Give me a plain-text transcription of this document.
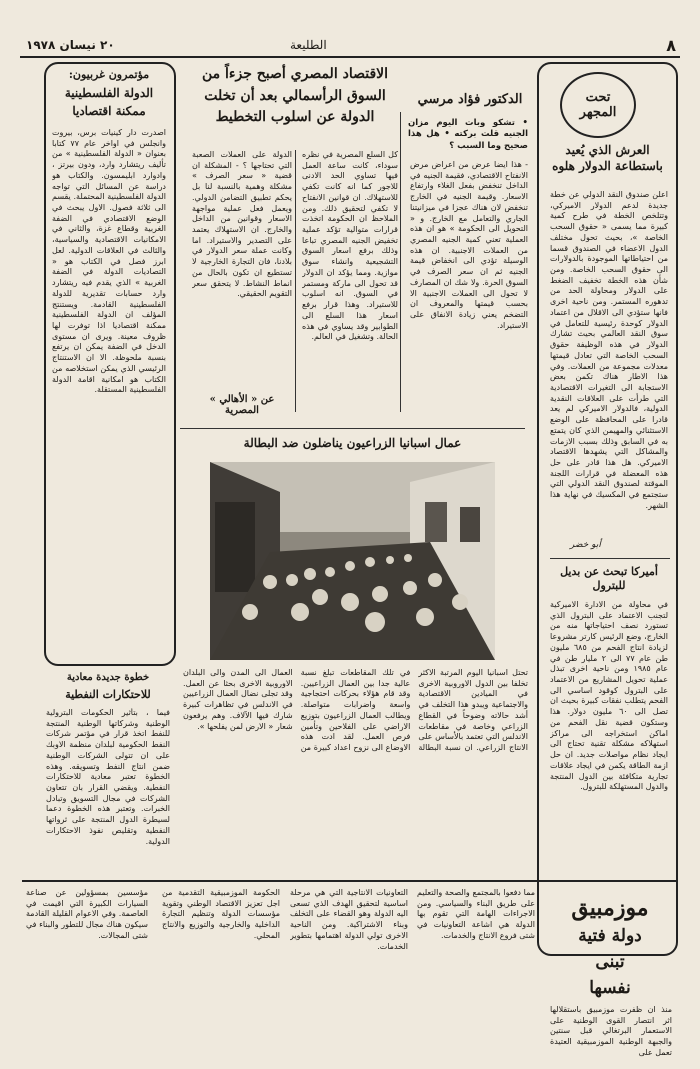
٨
الطليعة
٢٠ نيسان ١٩٧٨
تحت
المجهر
العرش الذي يُعيد باستطاعة الدولار هلوه
اعلن صندوق النقد الدولي عن خطة جديدة لدعم الدولار الاميركي، وتتلخص الخطة في طرح كمية كبيرة مما يسمى « حقوق السحب الخاصة »، بحيث تحول مختلف الدول الاعضاء في الصندوق قسما من احتياطاتها الموجودة بالدولارات الى حقوق السحب الخاصة. ومن شأن هذه الخطة تخفيف الضغط على الدولار ومحاولة الحد من تدهوره المستمر. ومن ناحية اخرى فانها ستؤدي الى الاقلال من اعتماد الدولار كوحدة رئيسية للتعامل في سوق النقد العالمي بحيث تشارك الدولار في هذه الوظيفة حقوق السحب الخاصة التي تعادل قيمتها معدلات مجموعة من العملات. وفي هذا الاطار هناك تكمن بعض الاستجابة الى التغيرات الاقتصادية التي طرأت على العلاقات النقدية الدولية، فالدولار الاميركي لم يعد قادرا على المحافظة على الوضع الاستثنائي والمهيمن الذي كان يتمتع به في السابق وذلك بسبب الازمات والمشاكل التي يشهدها الاقتصاد الاميركي. هل هذا قادر على حل هذه المعضلة في قرارات اللجنة الموقتة لصندوق النقد الدولي التي ستجتمع في المكسيك في نهاية هذا الشهر.
أبو خضر
أميركا تبحث عن بديل للبترول
في محاولة من الادارة الاميركية لتجنب الاعتماد على البترول الذي تستورد نصف احتياجاتها منه من الخارج، وضع الرئيس كارتر مشروعا لزيادة انتاج الفحم من ٦٨٥ مليون طن عام ٧٧ الى ٢ مليار طن في عام ١٩٨٥ ومن ناحية اخرى تبذل عملية تحويل المشاريع من الاعتماد على البترول كوقود اساسي الى الفحم يتطلب نفقات كبيرة بحيث ان تصل الى ٦٠ مليون دولار. هذا وستكون قضية نقل الفحم من اماكن استخراجه الى مراكز استهلاكه مشكلة تقنية تحتاج الى ايجاد نظام مواصلات جديد. ان حل ازمة الطاقة يكمن في ايجاد علاقات تجارية متكافئة بين الدول المنتجة والدول المستهلكة للبترول.
الدكتور فؤاد مرسي
الاقتصاد المصري أصبح جزءاً من السوق الرأسمالي بعد أن تخلت الدولة عن اسلوب التخطيط	• تشكو وبات اليوم مزان الجنيه قلت بركته • هل هذا صحيح وما السبب ؟
- هذا ايضا عرض من اعراض مرض الانفتاح الاقتصادي، فقيمة الجنيه في الداخل تنخفض بفعل الغلاء وارتفاع الاسعار. وقيمة الجنيه في الخارج تنخفض لان هناك عجزا في ميزانيتنا الجاري والتعامل مع الخارج. و « التحويل الى الحكومة » هو ان هذه العملية تعني كمية الجنيه المصري من العملات الاجنبية. ان هذه الوسيلة تؤدي الى انخفاض قيمة الجنيه ثم ان سعر الصرف في السوق الحرة. ولا شك ان المصارف لا تحول الى العملات الاجنبية الا بحسب قيمتها والمعروف ان التضخم يعني زيادة الانفاق على الاستيراد.
كل السلع المصرية في نظره سوداء، كانت ساعة العمل فيها تساوي الحد الادنى للاجور كما انه كانت تكفي للاستهلاك. ان قوانين الانفتاح لا تكفي لتحقيق ذلك. ومن الملاحظ ان الحكومة اتخذت قرارات متوالية تؤكد عملية تخفيض الجنيه المصري تباعا وذلك برفع اسعار السوق التشجيعية وانشاء سوق موازية. ومما يؤكد ان الدولار قد تحول الى ماركة ومستمر في السوق. انه اسلوب للاستيراد. وهذا قرار برفع اسعار هذا السلع الى الطوابير وقد يساوي في هذه الحالة. وتشغيل في العالم.
الدولة على العملات الصعبة التي تحتاجها ؟ - المشكلة ان قضية « سعر الصرف » مشكلة وهمية بالنسبة لنا بل يحكم تطبيق التضامن الدولي. ويعمل فعل عملية مواجهة الاسعار وقوانين من الداخل والخارج. ان الاستهلاك يعتمد على التصدير والاستيراد. اما وكانت عملة سعر الدولار في بلادنا، فان التجارة الخارجية لا تستطيع ان تكون بالحال من انماط النشاط. لا يتحقق سعر التقويم الحقيقي.
عن « الأهالي » المصرية
مؤتمرون غربيون:
الدولة الفلسطينية
ممكنة اقتصاديا
اصدرت دار كينيات برس، بيروت وانجلس في اواخر عام ٧٧ كتابا بعنوان « الدولة الفلسطينية » من تأليف ريتشارد وارد، ودون بيرتز ، وادوارد ابليمسون. والكتاب هو دراسة عن المسائل التي تواجه الدولة الفلسطينية المحتملة. يقسم الى ثلاثة فصول. الاول يبحث في الوضع الاقتصادي في الضفة الغربية وقطاع غزة، والثاني في الامكانيات الاقتصادية والسياسية، والثالث في العلاقات الدولية. لعل ابرز فصل في الكتاب هو « التصاديات الدولة في الضفة الغربية » الذي يقدم فيه ريتشارد وارد حسابات تقديرية للدولة الفلسطينية القادمة. ويستنتج المؤلف ان الدولة الفلسطينية ممكنة اقتصاديا اذا توفرت لها ظروف معينة. ويرى ان مستوى الدخل في الضفة يمكن ان يرتفع بنسبة ملحوظة. الا ان الاستنتاج الرئيسي الذي يمكن استخلاصه من الكتاب هو امكانية اقامة الدولة الفلسطينية المستقلة.
خطوة جديدة معادية
للاحتكارات النفطية
فيما ، بتأثير الحكومات البترولية الوطنية وشركاتها الوطنية المنتجة للنفط اتخذ قرار في مؤتمر شركات النفط الحكومية لبلدان منظمة الاوبك على ان تتولى الشركات الوطنية ضمن انتاج النفط وتسويقه. وهذه الخطوة تعتبر معادية للاحتكارات النفطية. ويقضي القرار بان تتعاون الشركات في مجال التسويق وتبادل الخبرات. وتعتبر هذه الخطوة دعما لسيطرة الدول المنتجة على ثرواتها النفطية وتقليص نفوذ الاحتكارات الدولية.
عمال اسبانيا الزراعيون يناضلون ضد البطالة
تحتل اسبانيا اليوم المرتبة الاكثر تخلفا بين الدول الاوروبية الاخرى في الميادين الاقتصادية والاجتماعية ويبدو هذا التخلف في أشد حالاته وضوحاً في القطاع الزراعي وخاصة في مقاطعات الاندلس التي تعتمد بالأساس على الانتاج الزراعي. ان نسبة البطالة في تلك المقاطعات تبلغ نسبة عالية جدا بين العمال الزراعيين. وقد قام هؤلاء بحركات احتجاجية واسعة واضرابات متواصلة. ويطالب العمال الزراعيون بتوزيع الاراضي على الفلاحين وتأمين فرص العمل. لقد ادت هذه الاوضاع الى نزوح اعداد كبيرة من العمال الى المدن والى البلدان الاوروبية الاخرى بحثا عن العمل. وقد تجلى نضال العمال الزراعيين في الاندلس في تظاهرات كبيرة شارك فيها الآلاف. وهم يرفعون شعار « الارض لمن يفلحها ».
موزمبيق
دولة فتية
تبنى
نفسها
منذ ان ظفرت موزمبيق باستقلالها اثر انتصار القوى الوطنية على الاستعمار البرتغالي قبل سنتين والجبهة الوطنية الموزمبيقية العتيدة تعمل على
مما دفعوا بالمجتمع والصحة والتعليم على طريق البناء والسياسي. ومن الاجراءات الهامة التي تقوم بها الدولة هي اشاعة التعاونيات في شتى فروع الانتاج والخدمات.
التعاونيات الانتاجية التي هي مرحلة اساسية لتحقيق الهدف الذي تسعى اليه الدولة وهو القضاء على التخلف وبناء الاشتراكية. ومن الناحية الاخرى تولي الدولة اهتمامها بتطوير الخدمات.
الحكومة الموزمبيقية التقدمية من اجل تعزيز الاقتصاد الوطني وتقوية مؤسسات الدولة وتنظيم التجارة الداخلية والخارجية والتوزيع والانتاج المحلي.
مؤسسين بمسؤولين عن صناعة السيارات الكبيرة التي اقيمت في العاصمة. وفي الاعوام القليلة القادمة سيكون هناك مجال للتطور والبناء في شتى المجالات.
